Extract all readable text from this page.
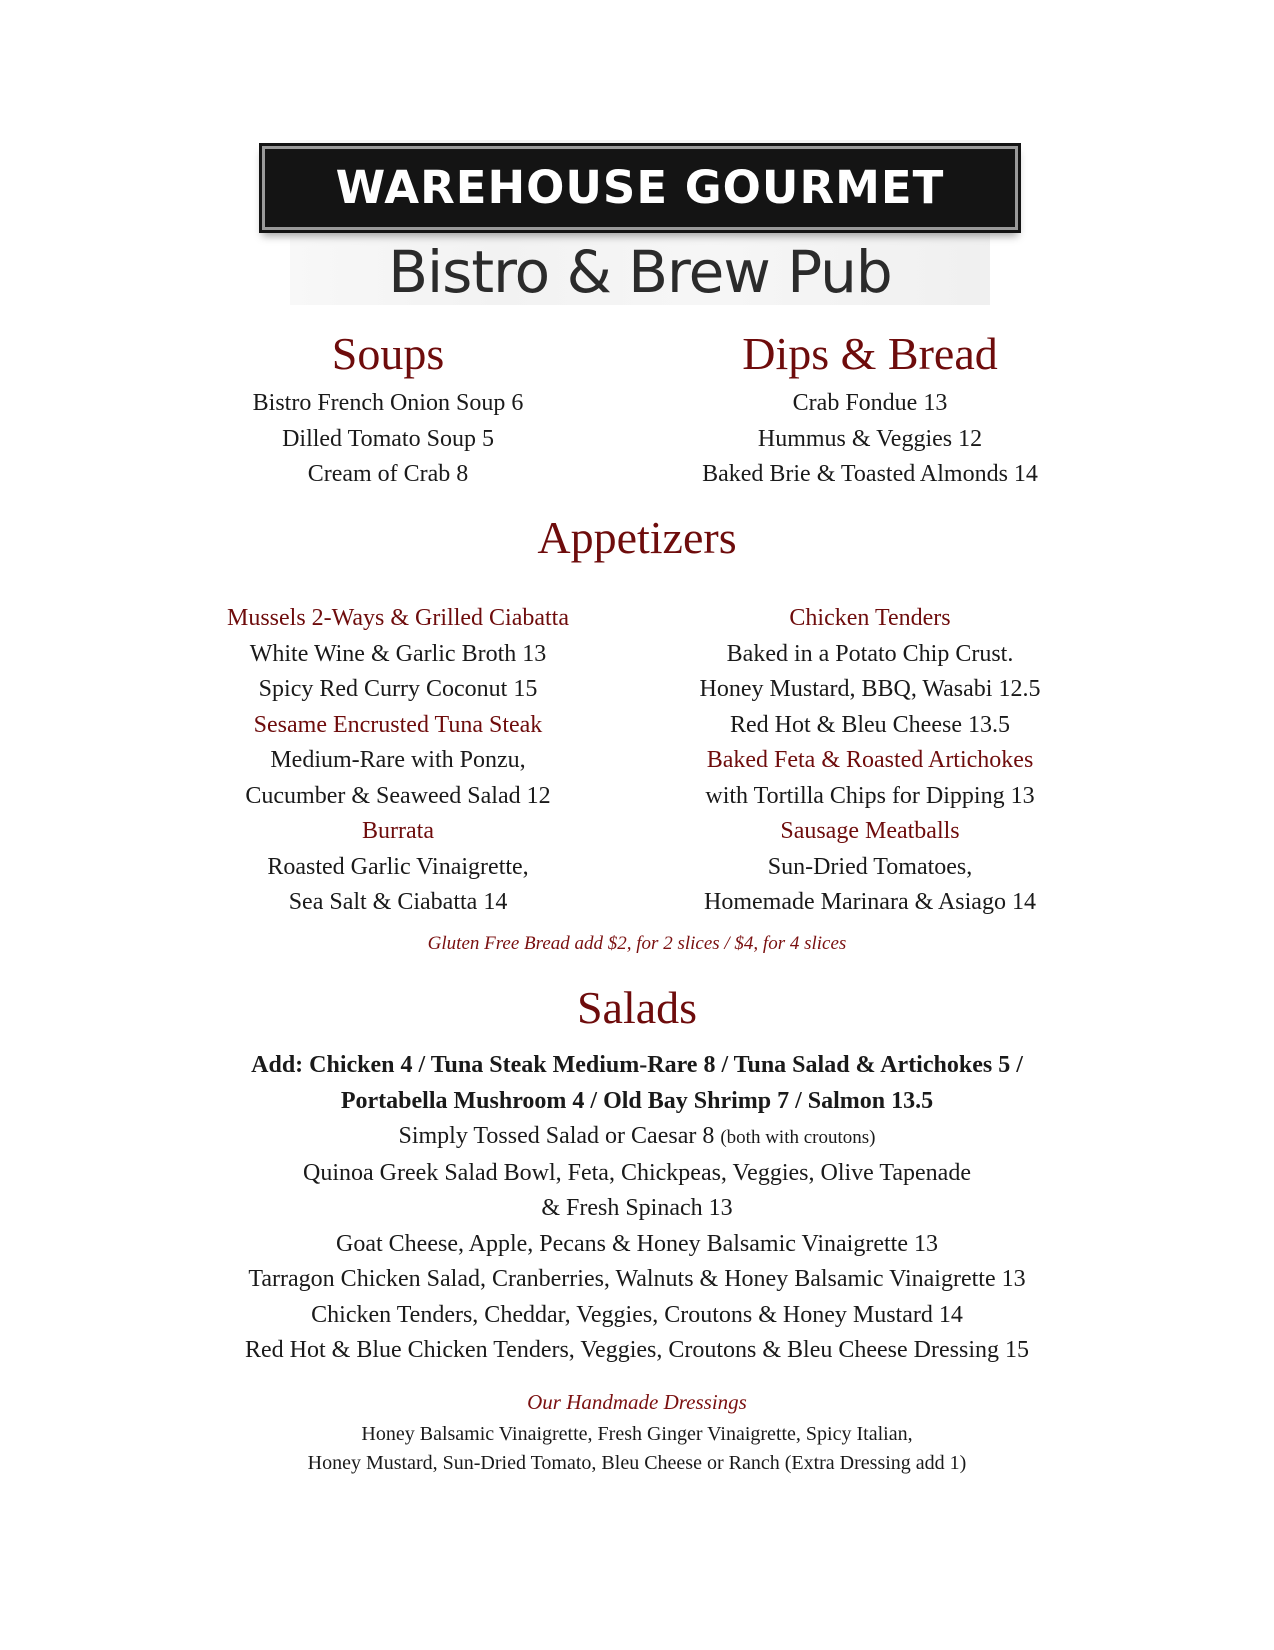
WAREHOUSE GOURMET
Bistro & Brew Pub
Soups
Bistro French Onion Soup 6
Dilled Tomato Soup 5
Cream of Crab 8
Dips & Bread
Crab Fondue 13
Hummus & Veggies 12
Baked Brie & Toasted Almonds 14
Appetizers
Mussels 2-Ways & Grilled Ciabatta
White Wine & Garlic Broth 13
Spicy Red Curry Coconut 15
Sesame Encrusted Tuna Steak
Medium-Rare with Ponzu,
Cucumber & Seaweed Salad 12
Burrata
Roasted Garlic Vinaigrette,
Sea Salt & Ciabatta 14
Chicken Tenders
Baked in a Potato Chip Crust.
Honey Mustard, BBQ, Wasabi 12.5
Red Hot & Bleu Cheese 13.5
Baked Feta & Roasted Artichokes
with Tortilla Chips for Dipping 13
Sausage Meatballs
Sun-Dried Tomatoes,
Homemade Marinara & Asiago 14
Gluten Free Bread add $2, for 2 slices / $4, for 4 slices
Salads
Add: Chicken 4 / Tuna Steak Medium-Rare 8 / Tuna Salad & Artichokes 5 /
Portabella Mushroom 4 / Old Bay Shrimp 7 / Salmon 13.5
Simply Tossed Salad or Caesar 8 (both with croutons)
Quinoa Greek Salad Bowl, Feta, Chickpeas, Veggies, Olive Tapenade
& Fresh Spinach 13
Goat Cheese, Apple, Pecans & Honey Balsamic Vinaigrette 13
Tarragon Chicken Salad, Cranberries, Walnuts & Honey Balsamic Vinaigrette 13
Chicken Tenders, Cheddar, Veggies, Croutons & Honey Mustard 14
Red Hot & Blue Chicken Tenders, Veggies, Croutons & Bleu Cheese Dressing 15
Our Handmade Dressings
Honey Balsamic Vinaigrette, Fresh Ginger Vinaigrette, Spicy Italian,
Honey Mustard, Sun-Dried Tomato, Bleu Cheese or Ranch (Extra Dressing add 1)
